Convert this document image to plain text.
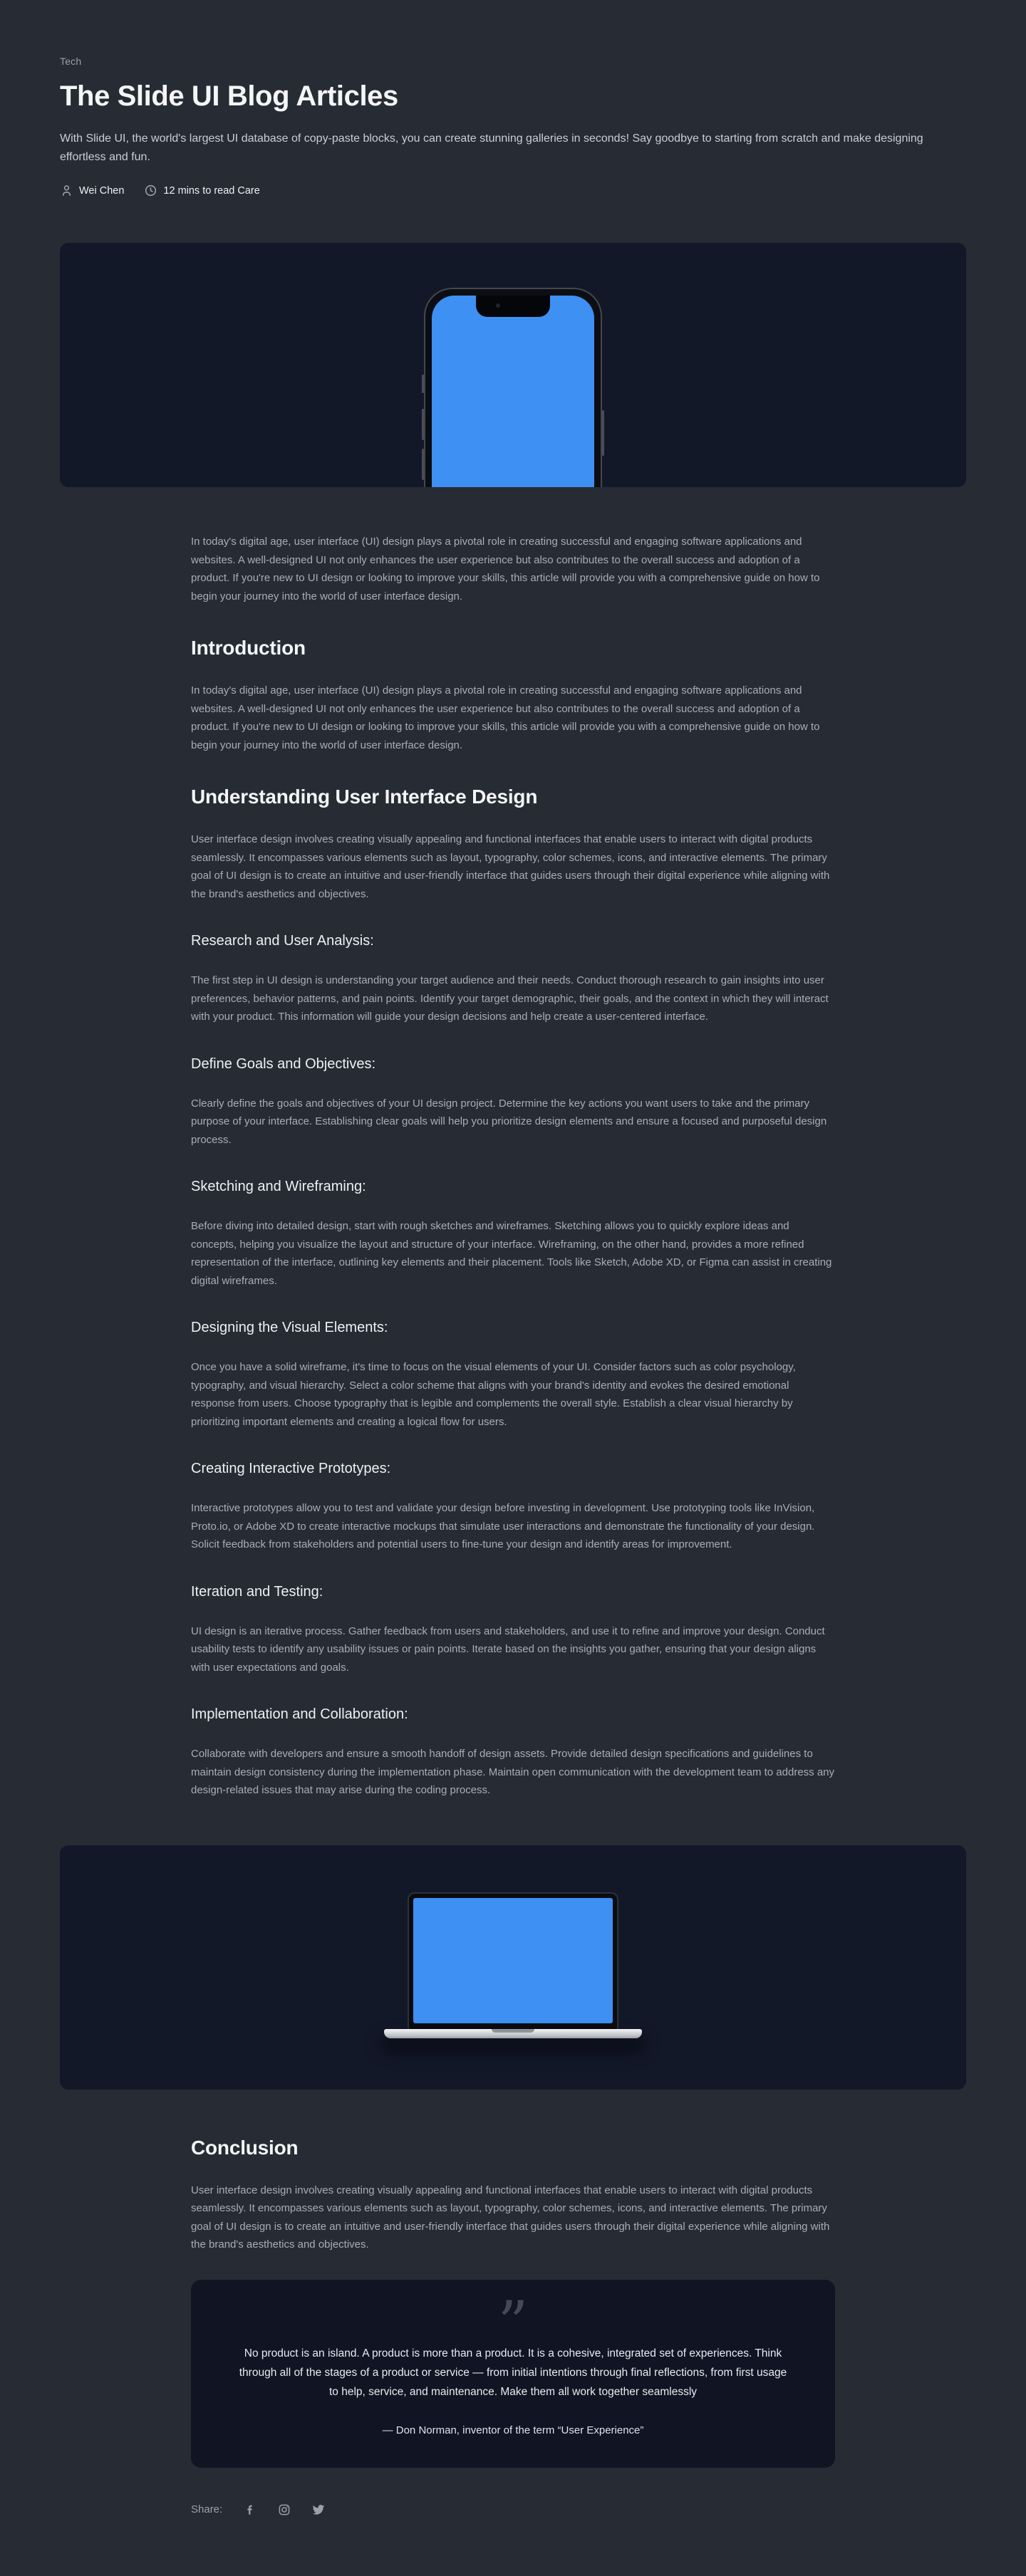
Tech
The Slide UI Blog Articles

With Slide UI, the world's largest UI database of copy-paste blocks, you can create stunning galleries in seconds! Say goodbye to starting from scratch and make designing effortless and fun.

Wei Chen	12 mins to read Care

In today's digital age, user interface (UI) design plays a pivotal role in creating successful and engaging software applications and websites. A well-designed UI not only enhances the user experience but also contributes to the overall success and adoption of a product. If you're new to UI design or looking to improve your skills, this article will provide you with a comprehensive guide on how to begin your journey into the world of user interface design.

Introduction

In today's digital age, user interface (UI) design plays a pivotal role in creating successful and engaging software applications and websites. A well-designed UI not only enhances the user experience but also contributes to the overall success and adoption of a product. If you're new to UI design or looking to improve your skills, this article will provide you with a comprehensive guide on how to begin your journey into the world of user interface design.

Understanding User Interface Design

User interface design involves creating visually appealing and functional interfaces that enable users to interact with digital products seamlessly. It encompasses various elements such as layout, typography, color schemes, icons, and interactive elements. The primary goal of UI design is to create an intuitive and user-friendly interface that guides users through their digital experience while aligning with the brand's aesthetics and objectives.

Research and User Analysis:

The first step in UI design is understanding your target audience and their needs. Conduct thorough research to gain insights into user preferences, behavior patterns, and pain points. Identify your target demographic, their goals, and the context in which they will interact with your product. This information will guide your design decisions and help create a user-centered interface.

Define Goals and Objectives:

Clearly define the goals and objectives of your UI design project. Determine the key actions you want users to take and the primary purpose of your interface. Establishing clear goals will help you prioritize design elements and ensure a focused and purposeful design process.

Sketching and Wireframing:

Before diving into detailed design, start with rough sketches and wireframes. Sketching allows you to quickly explore ideas and concepts, helping you visualize the layout and structure of your interface. Wireframing, on the other hand, provides a more refined representation of the interface, outlining key elements and their placement. Tools like Sketch, Adobe XD, or Figma can assist in creating digital wireframes.

Designing the Visual Elements:

Once you have a solid wireframe, it's time to focus on the visual elements of your UI. Consider factors such as color psychology, typography, and visual hierarchy. Select a color scheme that aligns with your brand's identity and evokes the desired emotional response from users. Choose typography that is legible and complements the overall style. Establish a clear visual hierarchy by prioritizing important elements and creating a logical flow for users.

Creating Interactive Prototypes:

Interactive prototypes allow you to test and validate your design before investing in development. Use prototyping tools like InVision, Proto.io, or Adobe XD to create interactive mockups that simulate user interactions and demonstrate the functionality of your design. Solicit feedback from stakeholders and potential users to fine-tune your design and identify areas for improvement.

Iteration and Testing:

UI design is an iterative process. Gather feedback from users and stakeholders, and use it to refine and improve your design. Conduct usability tests to identify any usability issues or pain points. Iterate based on the insights you gather, ensuring that your design aligns with user expectations and goals.

Implementation and Collaboration:

Collaborate with developers and ensure a smooth handoff of design assets. Provide detailed design specifications and guidelines to maintain design consistency during the implementation phase. Maintain open communication with the development team to address any design-related issues that may arise during the coding process.

Conclusion

User interface design involves creating visually appealing and functional interfaces that enable users to interact with digital products seamlessly. It encompasses various elements such as layout, typography, color schemes, icons, and interactive elements. The primary goal of UI design is to create an intuitive and user-friendly interface that guides users through their digital experience while aligning with the brand's aesthetics and objectives.

”
No product is an island. A product is more than a product. It is a cohesive, integrated set of experiences. Think through all of the stages of a product or service — from initial intentions through final reflections, from first usage to help, service, and maintenance. Make them all work together seamlessly
— Don Norman, inventor of the term “User Experience”
Share:
